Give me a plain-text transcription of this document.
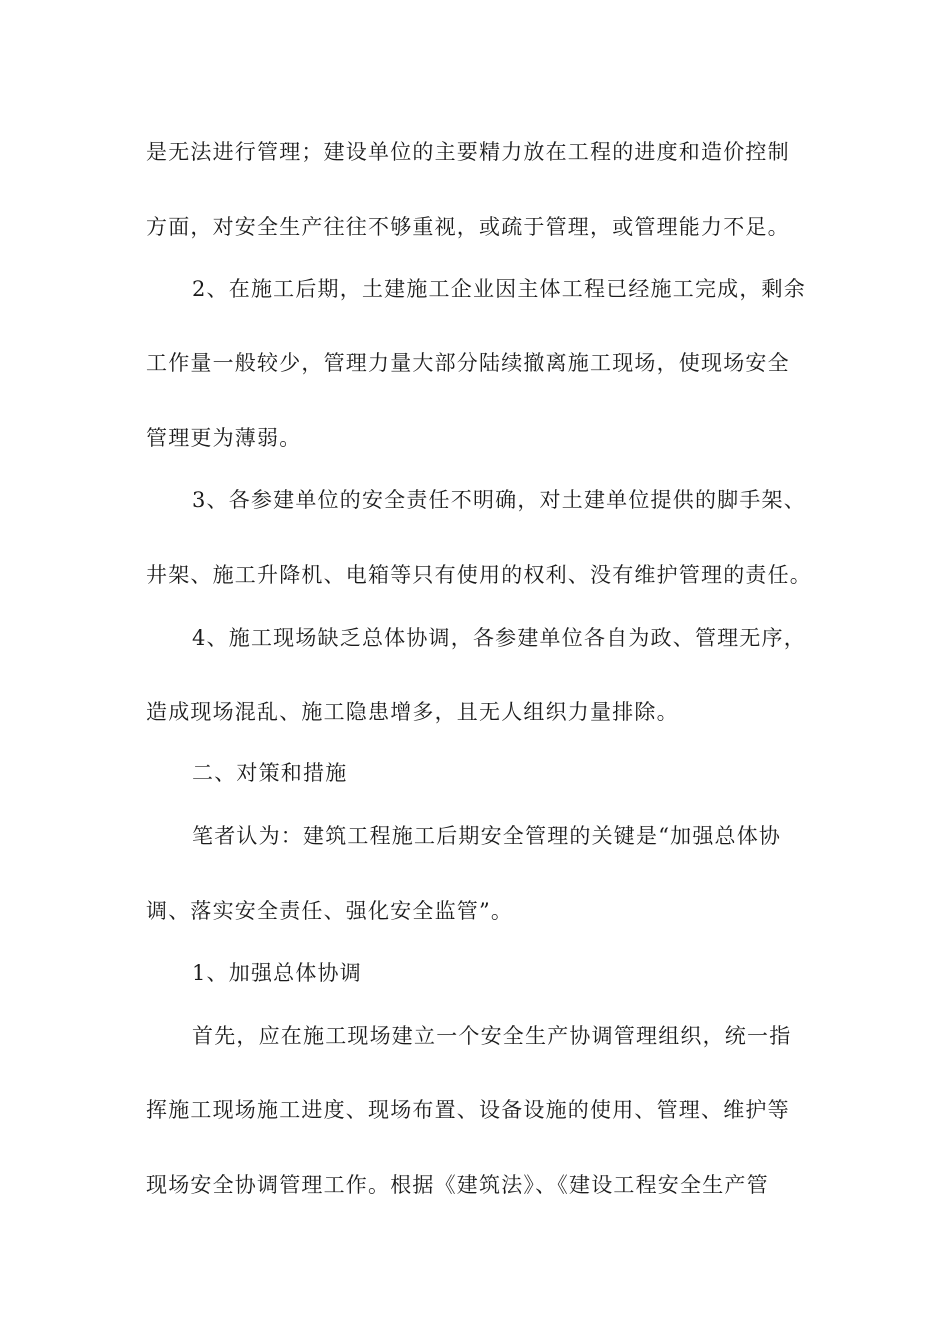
是无法进行管理；建设单位的主要精力放在工程的进度和造价控制
方面，对安全生产往往不够重视，或疏于管理，或管理能力不足。
2、在施工后期，土建施工企业因主体工程已经施工完成，剩余
工作量一般较少，管理力量大部分陆续撤离施工现场，使现场安全
管理更为薄弱。
3、各参建单位的安全责任不明确，对土建单位提供的脚手架、
井架、施工升降机、电箱等只有使用的权利、没有维护管理的责任。
4、施工现场缺乏总体协调，各参建单位各自为政、管理无序，
造成现场混乱、施工隐患增多，且无人组织力量排除。
二、对策和措施
笔者认为：建筑工程施工后期安全管理的关键是“加强总体协
调、落实安全责任、强化安全监管”。
1、加强总体协调
首先，应在施工现场建立一个安全生产协调管理组织，统一指
挥施工现场施工进度、现场布置、设备设施的使用、管理、维护等
现场安全协调管理工作。根据《建筑法》、《建设工程安全生产管
